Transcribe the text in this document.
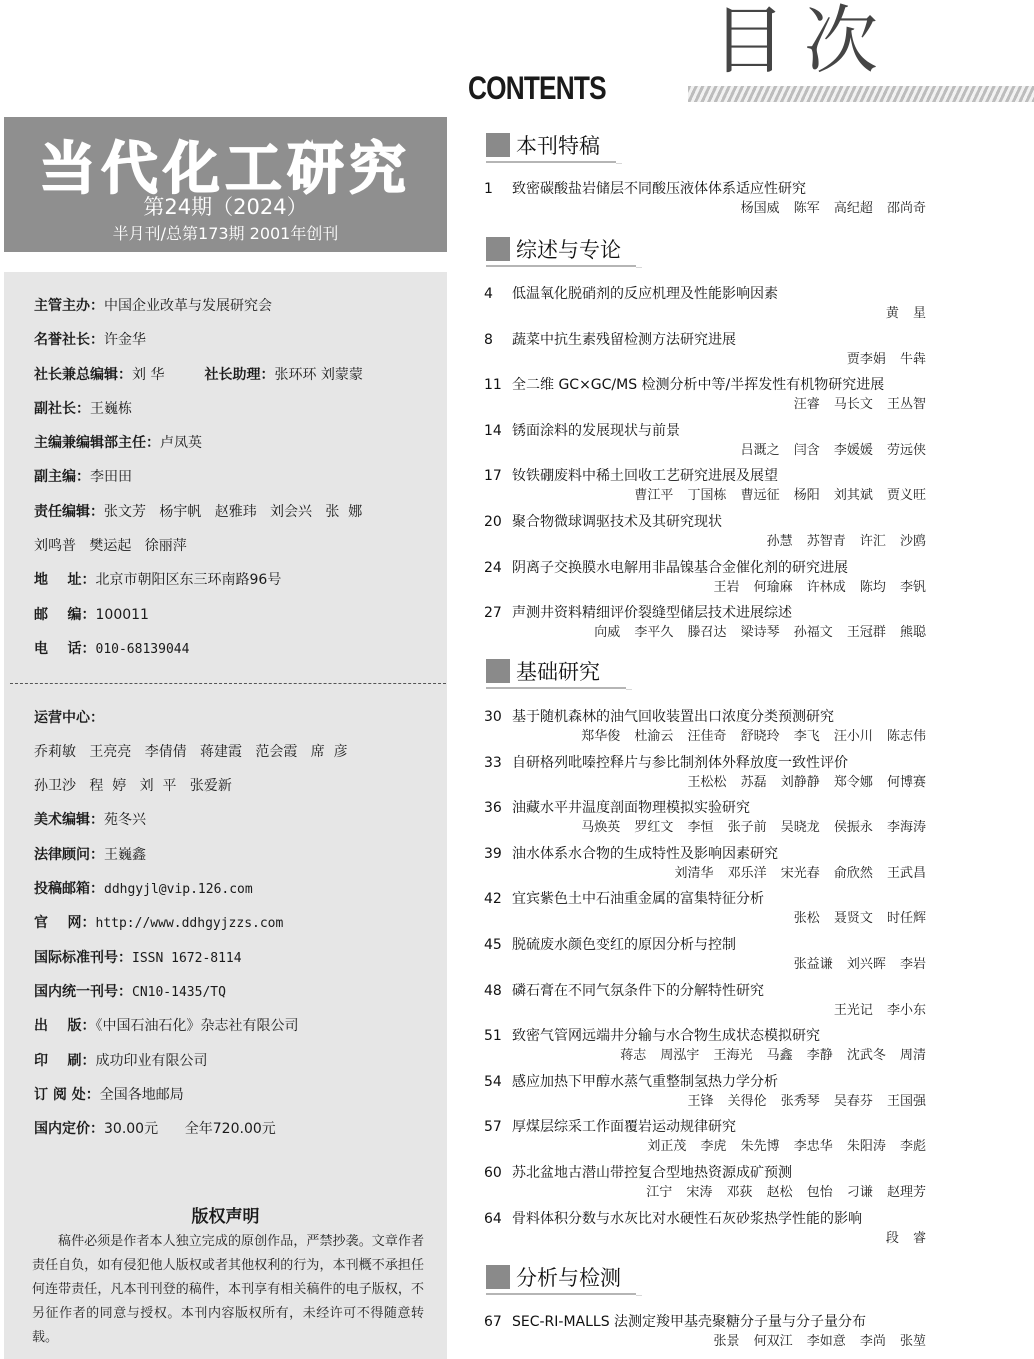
目次
CONTENTS
当代化工研究
第24期（2024）
半月刊/总第173期 2001年创刊
主管主办：中国企业改革与发展研究会
名誉社长：许金华
社长兼总编辑：刘 华	社长助理：张环环 刘蒙蒙
副社长：王巍栋
主编兼编辑部主任：卢凤英
副主编：李田田
责任编辑：张文芳   杨宇帆   赵雅玮   刘会兴   张  娜
刘鸣普   樊运起   徐丽萍
地    址：北京市朝阳区东三环南路96号
邮    编：100011
电    话：010-68139044
运营中心：
乔莉敏   王亮亮   李倩倩   蒋建霞   范会霞   席  彦
孙卫沙   程  婷   刘  平   张爱新
美术编辑：苑冬兴
法律顾问：王巍鑫
投稿邮箱：ddhgyjl@vip.126.com
官    网：http://www.ddhgyjzzs.com
国际标准刊号：ISSN 1672-8114
国内统一刊号：CN10-1435/TQ
出    版：《中国石油石化》杂志社有限公司
印    刷：成功印业有限公司
订 阅 处：全国各地邮局
国内定价：30.00元      全年720.00元
版权声明
稿件必须是作者本人独立完成的原创作品，严禁抄袭。文章作者责任自负，如有侵犯他人版权或者其他权利的行为，本刊概不承担任何连带责任，凡本刊刊登的稿件，本刊享有相关稿件的电子版权，不另征作者的同意与授权。本刊内容版权所有，未经许可不得随意转载。
本刊特稿
1 致密碳酸盐岩储层不同酸压液体体系适应性研究
杨国威 陈军 高纪超 邵尚奇
综述与专论
4 低温氧化脱硝剂的反应机理及性能影响因素
黄 星
8 蔬菜中抗生素残留检测方法研究进展
贾李娟 牛犇
11 全二维 GC×GC/MS 检测分析中等/半挥发性有机物研究进展
汪睿 马长文 王丛智
14 锈面涂料的发展现状与前景
吕溉之 闫含 李媛媛 劳远侠
17 钕铁硼废料中稀土回收工艺研究进展及展望
曹江平 丁国栋 曹远征 杨阳 刘其斌 贾义旺
20 聚合物微球调驱技术及其研究现状
孙慧 苏智青 许汇 沙鸥
24 阴离子交换膜水电解用非晶镍基合金催化剂的研究进展
王岩 何瑜麻 许林成 陈均 李钒
27 声测井资料精细评价裂缝型储层技术进展综述
向威 李平久 滕召达 梁诗琴 孙福文 王冠群 熊聪
基础研究
30 基于随机森林的油气回收装置出口浓度分类预测研究
郑华俊 杜渝云 汪佳奇 舒晓玲 李飞 汪小川 陈志伟
33 自研格列吡嗪控释片与参比制剂体外释放度一致性评价
王松松 苏磊 刘静静 郑令娜 何博赛
36 油藏水平井温度剖面物理模拟实验研究
马焕英 罗红文 李恒 张子前 吴晓龙 侯振永 李海涛
39 油水体系水合物的生成特性及影响因素研究
刘清华 邓乐洋 宋光春 俞欣然 王武昌
42 宜宾紫色土中石油重金属的富集特征分析
张松 聂贤文 时任辉
45 脱硫废水颜色变红的原因分析与控制
张益谦 刘兴晖 李岩
48 磷石膏在不同气氛条件下的分解特性研究
王光记 李小东
51 致密气管网远端井分输与水合物生成状态模拟研究
蒋志 周泓宇 王海光 马鑫 李静 沈武冬 周清
54 感应加热下甲醇水蒸气重整制氢热力学分析
王锋 关得伦 张秀琴 吴春芬 王国强
57 厚煤层综采工作面覆岩运动规律研究
刘正茂 李虎 朱先博 李忠华 朱阳涛 李彪
60 苏北盆地古潜山带控复合型地热资源成矿预测
江宁 宋涛 邓荻 赵松 包怡 刁谦 赵理芳
64 骨料体积分数与水灰比对水硬性石灰砂浆热学性能的影响
段 睿
分析与检测
67 SEC-RI-MALLS 法测定羧甲基壳聚糖分子量与分子量分布
张景 何双江 李如意 李尚 张堃
